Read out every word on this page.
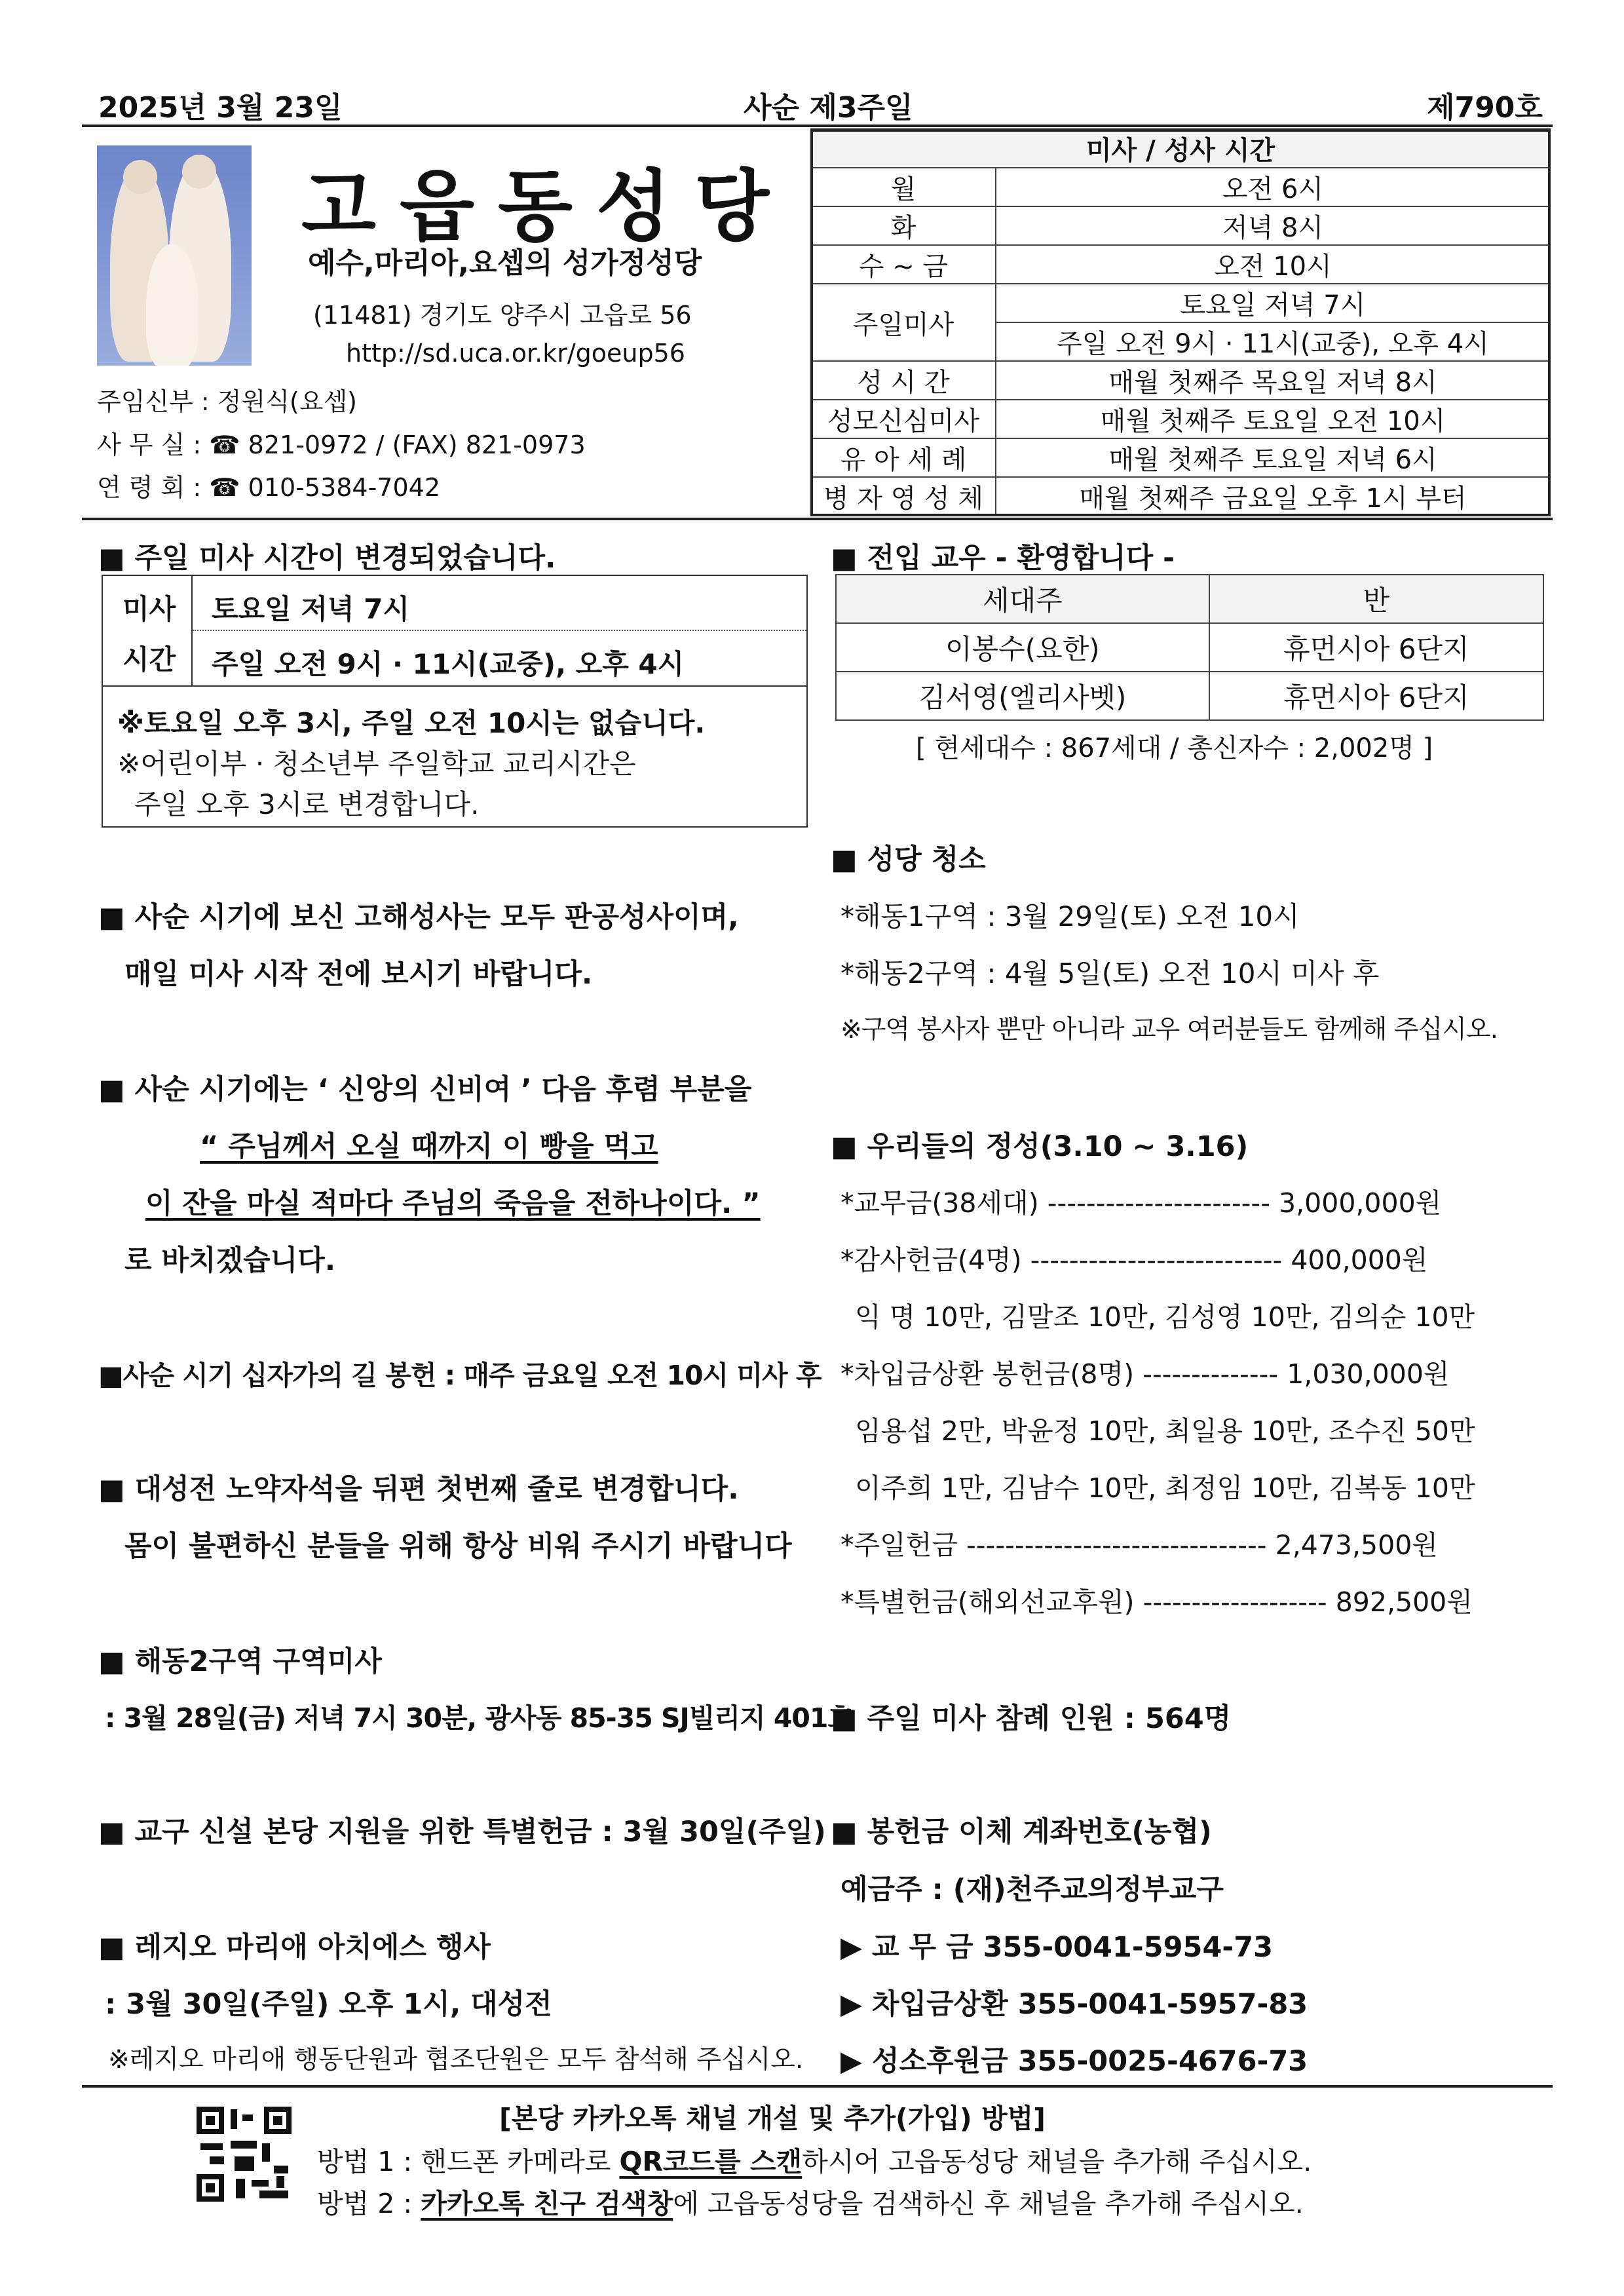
2025년 3월 23일	사순 제3주일	제790호
고읍동성당
예수,마리아,요셉의 성가정성당
(11481) 경기도 양주시 고읍로 56
http://sd.uca.or.kr/goeup56
주임신부 : 정원식(요셉)
사 무 실 : ☎ 821-0972 / (FAX) 821-0973
연 령 회 : ☎ 010-5384-7042
미사 / 성사 시간	
월	오전 6시
화	저녁 8시
수 ~ 금	오전 10시
주일미사	토요일 저녁 7시
	주일 오전 9시 · 11시(교중), 오후 4시
성 시 간	매월 첫째주 목요일 저녁 8시
성모신심미사	매월 첫째주 토요일 오전 10시
유 아 세 례	매월 첫째주 토요일 저녁 6시
병 자 영 성 체	매월 첫째주 금요일 오후 1시 부터
■ 주일 미사 시간이 변경되었습니다.
미사
시간
토요일 저녁 7시
주일 오전 9시 · 11시(교중), 오후 4시
※토요일 오후 3시, 주일 오전 10시는 없습니다.
※어린이부 · 청소년부 주일학교 교리시간은
주일 오후 3시로 변경합니다.
■ 사순 시기에 보신 고해성사는 모두 판공성사이며,
매일 미사 시작 전에 보시기 바랍니다.
■ 사순 시기에는 ‘ 신앙의 신비여 ’ 다음 후렴 부분을
“ 주님께서 오실 때까지 이 빵을 먹고
이 잔을 마실 적마다 주님의 죽음을 전하나이다. ”
로 바치겠습니다.
■사순 시기 십자가의 길 봉헌 : 매주 금요일 오전 10시 미사 후
■ 대성전 노약자석을 뒤편 첫번째 줄로 변경합니다.
몸이 불편하신 분들을 위해 항상 비워 주시기 바랍니다
■ 해동2구역 구역미사
: 3월 28일(금) 저녁 7시 30분, 광사동 85-35 SJ빌리지 401호
■ 교구 신설 본당 지원을 위한 특별헌금 : 3월 30일(주일)
■ 레지오 마리애 아치에스 행사
: 3월 30일(주일) 오후 1시, 대성전
※레지오 마리애 행동단원과 협조단원은 모두 참석해 주십시오.
■ 전입 교우 - 환영합니다 -
세대주	반
이봉수(요한)	휴먼시아 6단지
김서영(엘리사벳)	휴먼시아 6단지
[ 현세대수 : 867세대 / 총신자수 : 2,002명 ]
■ 성당 청소
*해동1구역 : 3월 29일(토) 오전 10시
*해동2구역 : 4월 5일(토) 오전 10시 미사 후
※구역 봉사자 뿐만 아니라 교우 여러분들도 함께해 주십시오.
■ 우리들의 정성(3.10 ~ 3.16)
*교무금(38세대) ----------------------- 3,000,000원
*감사헌금(4명) -------------------------- 400,000원
익 명 10만, 김말조 10만, 김성영 10만, 김의순 10만
*차입금상환 봉헌금(8명) -------------- 1,030,000원
임용섭 2만, 박윤정 10만, 최일용 10만, 조수진 50만
이주희 1만, 김남수 10만, 최정임 10만, 김복동 10만
*주일헌금 ------------------------------- 2,473,500원
*특별헌금(해외선교후원) ------------------- 892,500원
■ 주일 미사 참례 인원 : 564명
■ 봉헌금 이체 계좌번호(농협)
예금주 : (재)천주교의정부교구
▶ 교 무 금 355-0041-5954-73
▶ 차입금상환 355-0041-5957-83
▶ 성소후원금 355-0025-4676-73
[본당 카카오톡 채널 개설 및 추가(가입) 방법]
방법 1 : 핸드폰 카메라로 QR코드를 스캔하시어 고읍동성당 채널을 추가해 주십시오.
방법 2 : 카카오톡 친구 검색창에 고읍동성당을 검색하신 후 채널을 추가해 주십시오.
